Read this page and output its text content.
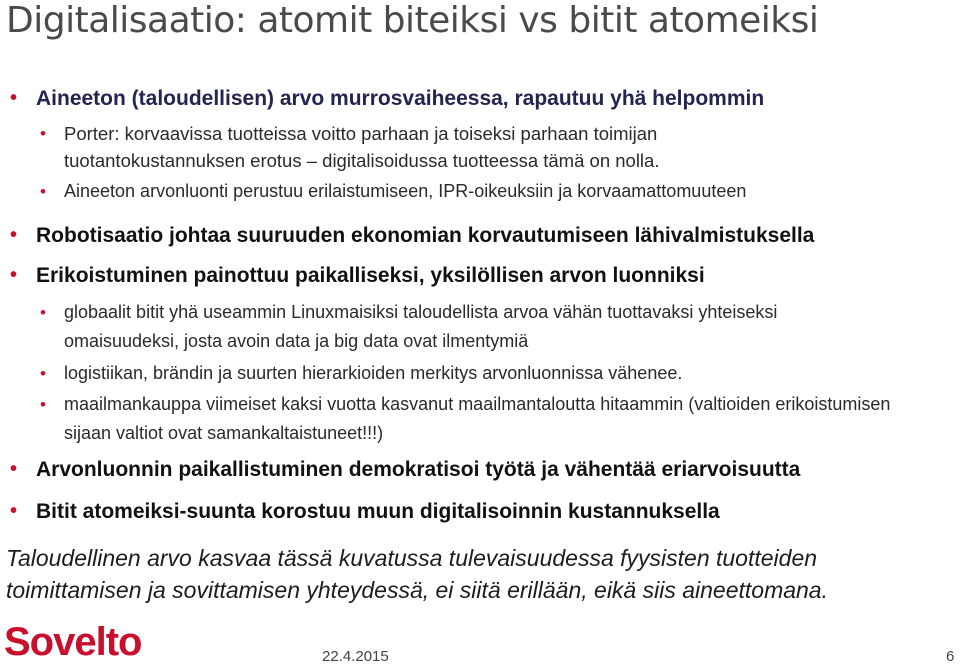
Digitalisaatio: atomit biteiksi vs bitit atomeiksi
• Aineeton (taloudellisen) arvo murrosvaiheessa, rapautuu yhä helpommin
• Porter: korvaavissa tuotteissa voitto parhaan ja toiseksi parhaan toimijan tuotantokustannuksen erotus – digitalisoidussa tuotteessa tämä on nolla.
• Aineeton arvonluonti perustuu erilaistumiseen, IPR-oikeuksiin ja korvaamattomuuteen
• Robotisaatio johtaa suuruuden ekonomian korvautumiseen lähivalmistuksella
• Erikoistuminen painottuu paikalliseksi, yksilöllisen arvon luonniksi
• globaalit bitit yhä useammin Linuxmaisiksi taloudellista arvoa vähän tuottavaksi yhteiseksi omaisuudeksi, josta avoin data ja big data ovat ilmentymiä
• logistiikan, brändin ja suurten hierarkioiden merkitys arvonluonnissa vähenee.
• maailmankauppa viimeiset kaksi vuotta kasvanut maailmantaloutta hitaammin (valtioiden erikoistumisen sijaan valtiot ovat samankaltaistuneet!!!)
• Arvonluonnin paikallistuminen demokratisoi työtä ja vähentää eriarvoisuutta
• Bitit atomeiksi-suunta korostuu muun digitalisoinnin kustannuksella

Taloudellinen arvo kasvaa tässä kuvatussa tulevaisuudessa fyysisten tuotteiden toimittamisen ja sovittamisen yhteydessä, ei siitä erillään, eikä siis aineettomana.

Sovelto	22.4.2015	6
